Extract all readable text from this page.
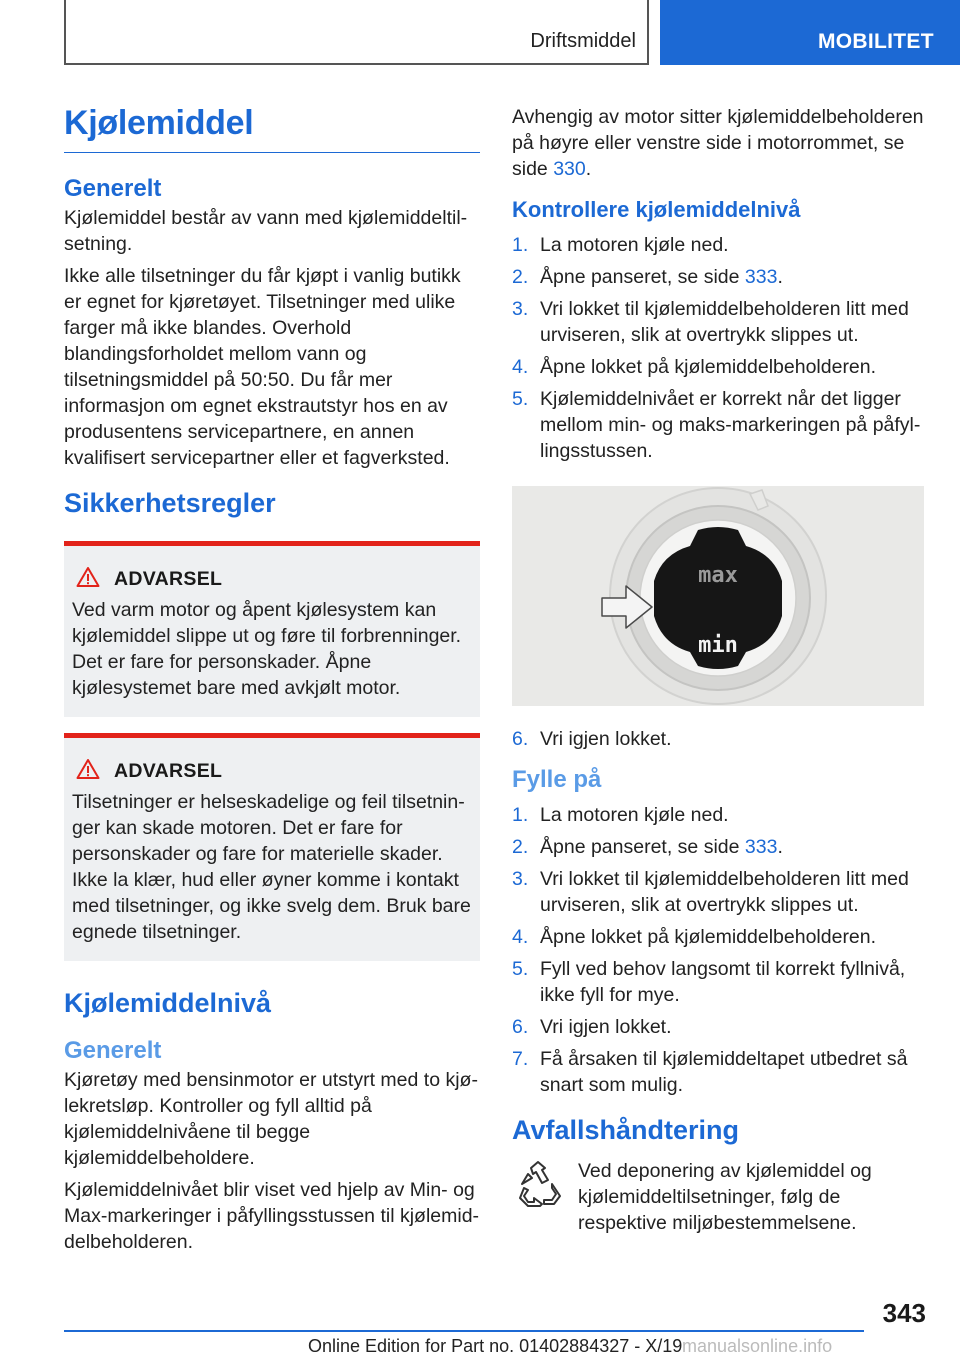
Driftsmiddel	MOBILITET
Kjølemiddel
Generelt

Kjølemiddel består av vann med kjølemiddeltilsetning.

Ikke alle tilsetninger du får kjøpt i vanlig butikk er egnet for kjøretøyet. Tilsetninger med ulike farger må ikke blandes. Overhold blandingsforholdet mellom vann og tilsetningsmiddel på 50:50. Du får mer informasjon om egnet ekstrautstyr hos en av produsentens servicepartnere, en annen kvalifisert servicepartner eller et fagverksted.

Sikkerhetsregler
ADVARSEL

Ved varm motor og åpent kjølesystem kan kjølemiddel slippe ut og føre til forbrenninger. Det er fare for personskader. Åpne kjølesystemet bare med avkjølt motor.

ADVARSEL

Tilsetninger er helseskadelige og feil tilsetninger kan skade motoren. Det er fare for personskader og fare for materielle skader. Ikke la klær, hud eller øyner komme i kontakt med tilsetninger, og ikke svelg dem. Bruk bare egnede tilsetninger.

Kjølemiddelnivå
Generelt

Kjøretøy med bensinmotor er utstyrt med to kjølekretsløp. Kontroller og fyll alltid på kjølemiddelnivåene til begge kjølemiddelbeholdere.

Kjølemiddelnivået blir viset ved hjelp av Min- og Max-markeringer i påfyllingsstussen til kjølemiddelbeholderen.

Avhengig av motor sitter kjølemiddelbeholderen på høyre eller venstre side i motorrommet, se side 330.

Kontrollere kjølemiddelnivå
1. La motoren kjøle ned.
2. Åpne panseret, se side 333.
3. Vri lokket til kjølemiddelbeholderen litt med urviseren, slik at overtrykk slippes ut.
4. Åpne lokket på kjølemiddelbeholderen.
5. Kjølemiddelnivået er korrekt når det ligger mellom min- og maks-markeringen på påfyllingsstussen.
max
min
6. Vri igjen lokket.
Fylle på
1. La motoren kjøle ned.
2. Åpne panseret, se side 333.
3. Vri lokket til kjølemiddelbeholderen litt med urviseren, slik at overtrykk slippes ut.
4. Åpne lokket på kjølemiddelbeholderen.
5. Fyll ved behov langsomt til korrekt fyllnivå, ikke fyll for mye.
6. Vri igjen lokket.
7. Få årsaken til kjølemiddeltapet utbedret så snart som mulig.
Avfallshåndtering

Ved deponering av kjølemiddel og kjølemiddeltilsetninger, følg de respektive miljøbestemmelsene.

343
Online Edition for Part no. 01402884327 - X/19 manualsonline.info
